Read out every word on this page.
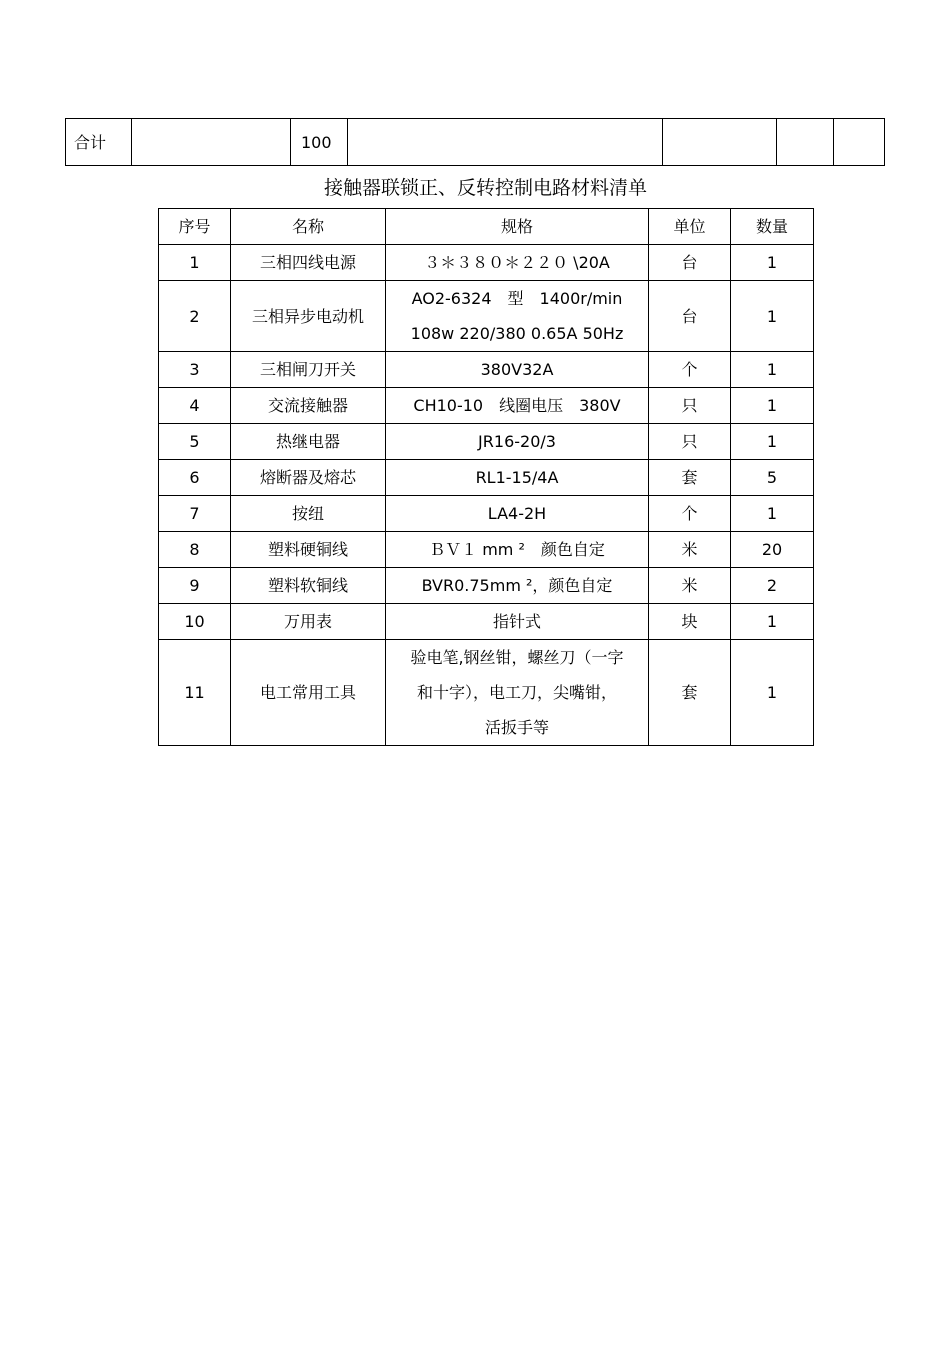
合计		100				
接触器联锁正、反转控制电路材料清单
序号	名称	规格	单位	数量
1	三相四线电源	３＊３８０＊２２０ \20A	台	1
2	三相异步电动机	AO2-6324　型　1400r/min
108w 220/380 0.65A 50Hz	台	1
3	三相闸刀开关	380V32A	个	1
4	交流接触器	CH10-10　线圈电压　380V	只	1
5	热继电器	JR16-20/3	只	1
6	熔断器及熔芯	RL1-15/4A	套	5
7	按纽	LA4-2H	个	1
8	塑料硬铜线	ＢＶ１ mm ²　颜色自定	米	20
9	塑料软铜线	BVR0.75mm ²，颜色自定	米	2
10	万用表	指针式	块	1
11	电工常用工具	验电笔,钢丝钳，螺丝刀（一字
和十字），电工刀，尖嘴钳，
活扳手等	套	1
